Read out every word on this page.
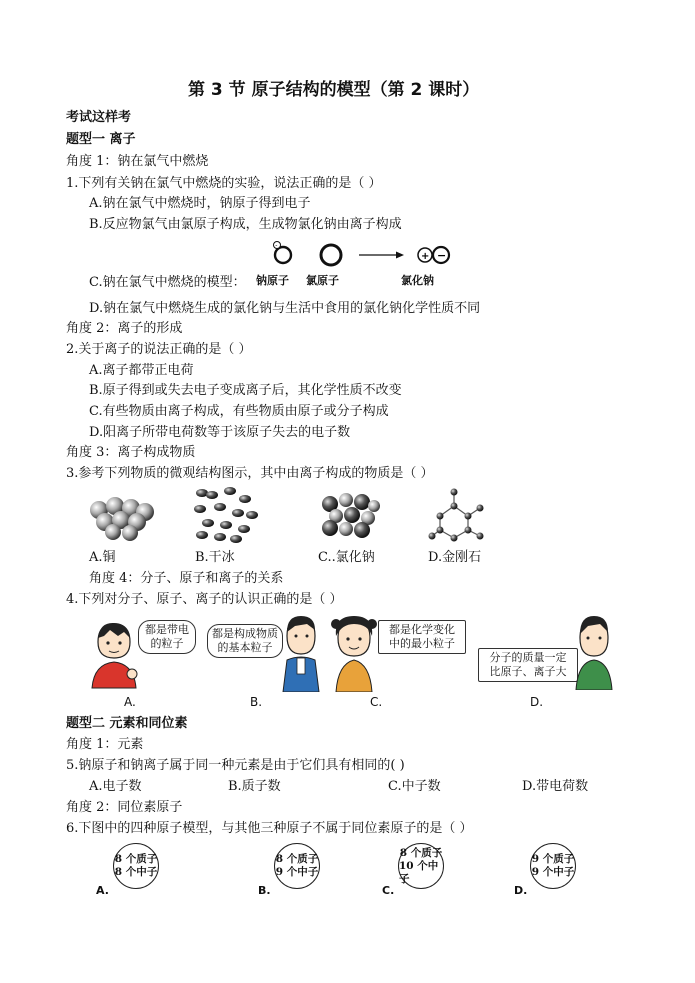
第 3 节 原子结构的模型（第 2 课时）
考试这样考
题型一 离子
角度 1：钠在氯气中燃烧
1.下列有关钠在氯气中燃烧的实验，说法正确的是（ ）
A.钠在氯气中燃烧时，钠原子得到电子
B.反应物氯气由氯原子构成，生成物氯化钠由离子构成
-
+ −
C.钠在氯气中燃烧的模型： 钠原子 氯原子	氯化钠
D.钠在氯气中燃烧生成的氯化钠与生活中食用的氯化钠化学性质不同
角度 2：离子的形成
2.关于离子的说法正确的是（ ）
A.离子都带正电荷
B.原子得到或失去电子变成离子后，其化学性质不改变
C.有些物质由离子构成，有些物质由原子或分子构成
D.阳离子所带电荷数等于该原子失去的电子数
角度 3：离子构成物质
3.参考下列物质的微观结构图示，其中由离子构成的物质是（ ）
A.铜	B.干冰	C..氯化钠	D.金刚石
角度 4：分子、原子和离子的关系
4.下列对分子、原子、离子的认识正确的是（ ）
都是带电
的粒子
都是构成物质
的基本粒子
都是化学变化
中的最小粒子
分子的质量一定
比原子、离子大
A.	B.	C.	D.
题型二 元素和同位素
角度 1：元素
5.钠原子和钠离子属于同一种元素是由于它们具有相同的( )
A.电子数	B.质子数	C.中子数	D.带电荷数
角度 2：同位素原子
6.下图中的四种原子模型，与其他三种原子不属于同位素原子的是（ ）
8 个质子
8 个中子
8 个质子
9 个中子
8 个质子
10 个中子
9 个质子
9 个中子
A.	B.	C.	D.
